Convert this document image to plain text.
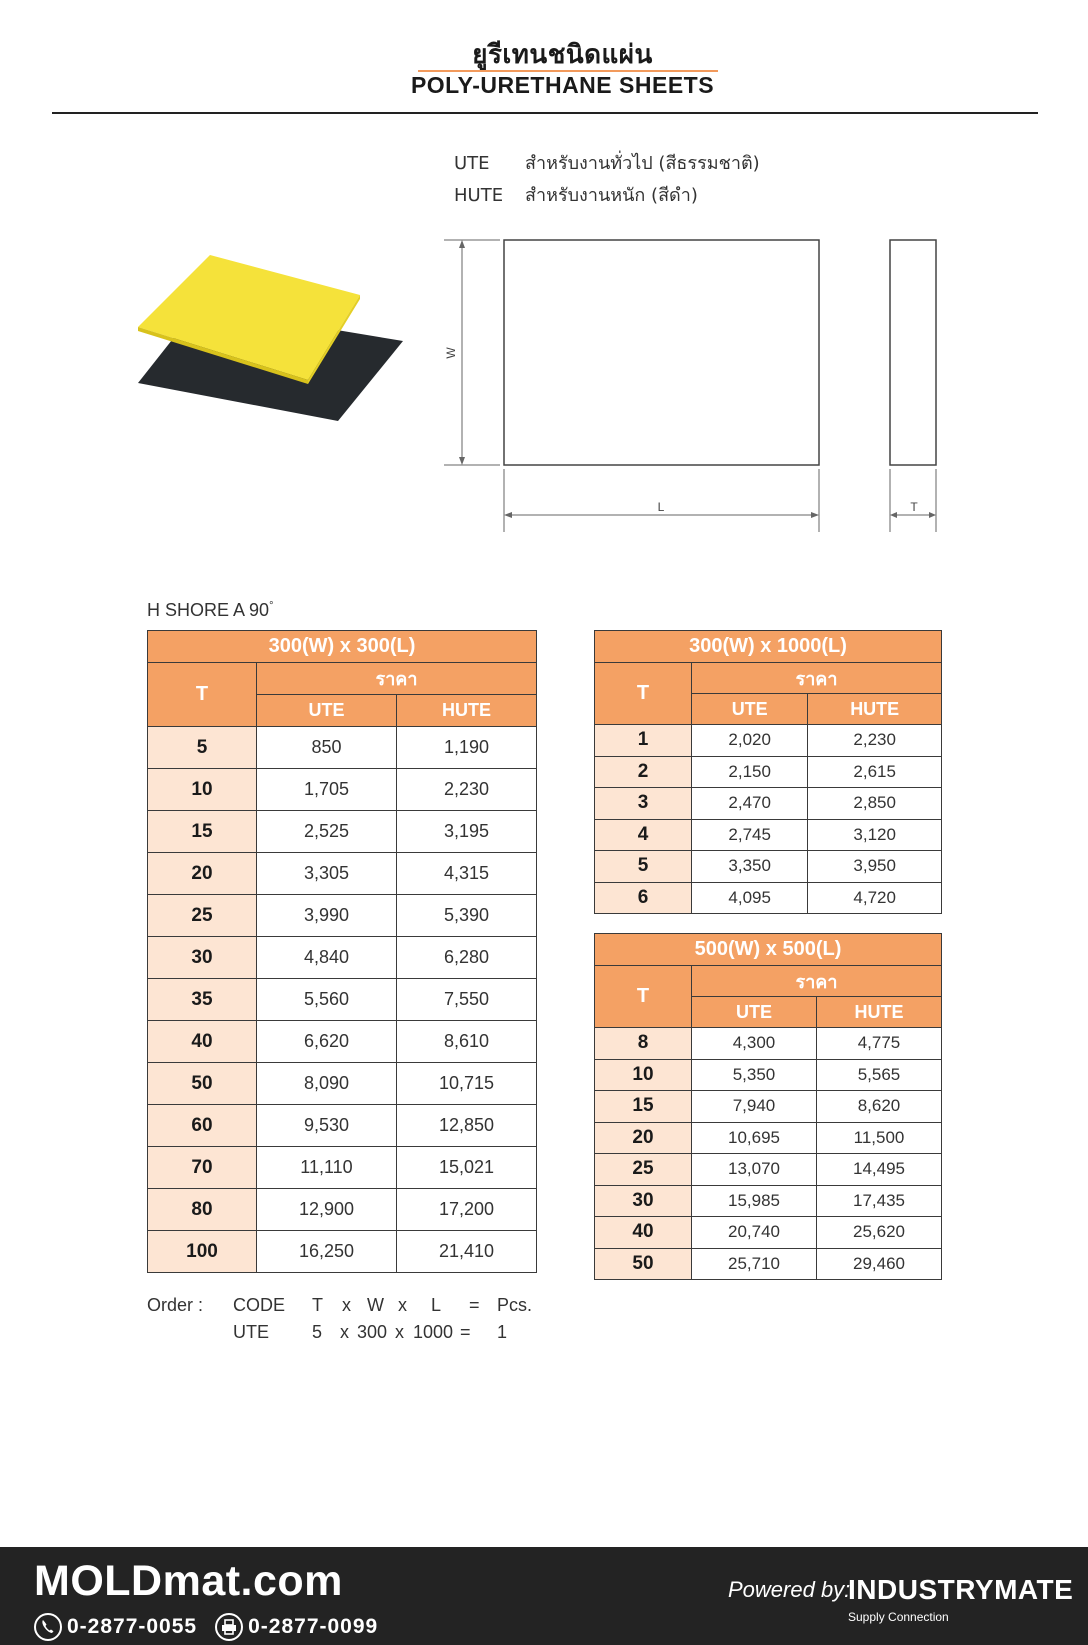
ยูรีเทนชนิดแผ่น
POLY-URETHANE SHEETS
UTE สำหรับงานทั่วไป (สีธรรมชาติ)
HUTE สำหรับงานหนัก (สีดำ)
W
L	T
H SHORE A 90°
300(W) x 300(L)		
T	ราคา	
	UTE	HUTE
5	850	1,190
10	1,705	2,230
15	2,525	3,195
20	3,305	4,315
25	3,990	5,390
30	4,840	6,280
35	5,560	7,550
40	6,620	8,610
50	8,090	10,715
60	9,530	12,850
70	11,110	15,021
80	12,900	17,200
100	16,250	21,410
300(W) x 1000(L)		
T	ราคา	
	UTE	HUTE
1	2,020	2,230
2	2,150	2,615
3	2,470	2,850
4	2,745	3,120
5	3,350	3,950
6	4,095	4,720
500(W) x 500(L)		
T	ราคา	
	UTE	HUTE
8	4,300	4,775
10	5,350	5,565
15	7,940	8,620
20	10,695	11,500
25	13,070	14,495
30	15,985	17,435
40	20,740	25,620
50	25,710	29,460
Order : CODE T x W x L = Pcs.
UTE 5 x 300 x 1000 = 1
MOLDmat.com
0-2877-0055 0-2877-0099
Powered by:
INDUSTRYMATE
Supply Connection
